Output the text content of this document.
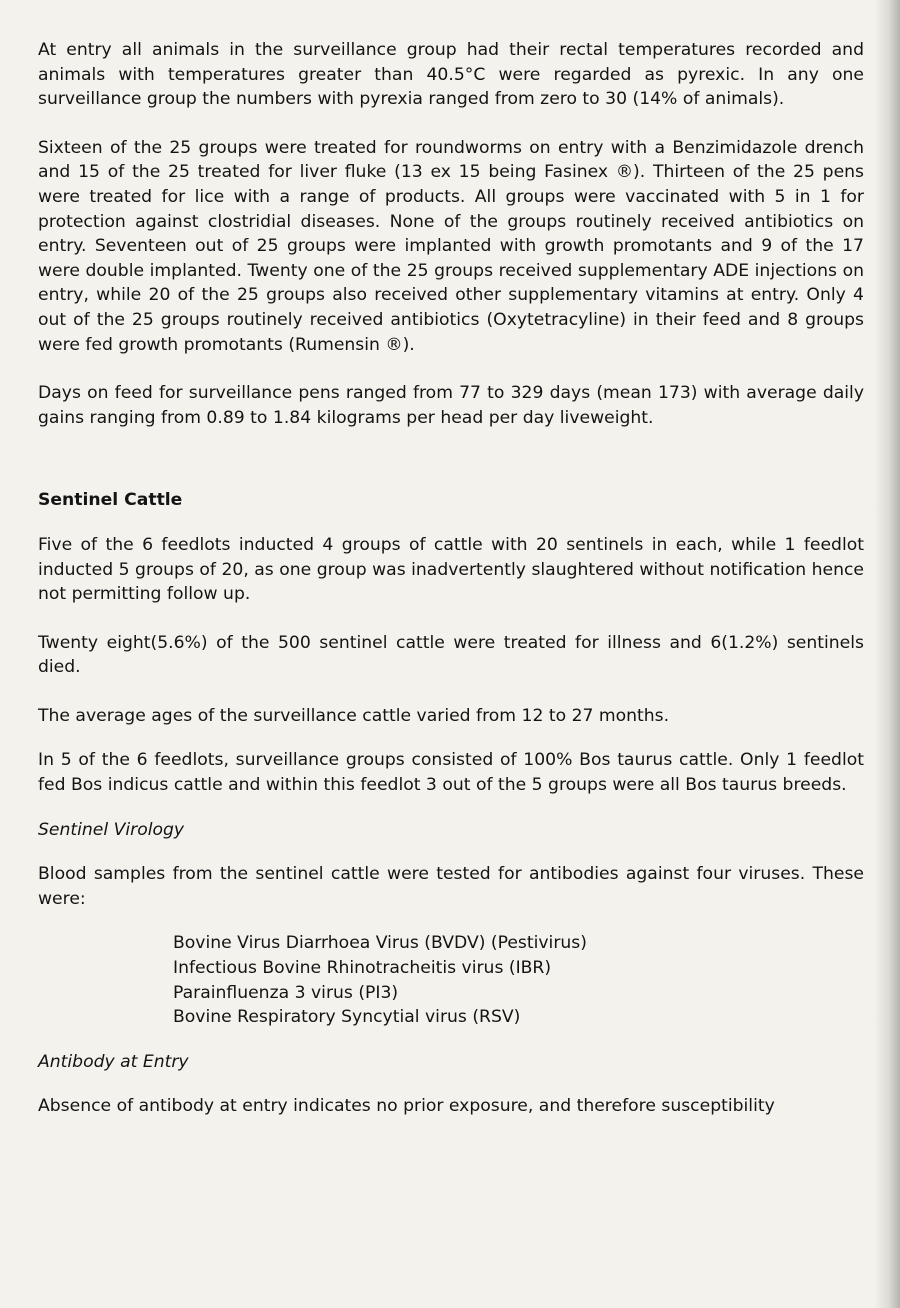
At entry all animals in the surveillance group had their rectal temperatures recorded and animals with temperatures greater than 40.5°C were regarded as pyrexic. In any one surveillance group the numbers with pyrexia ranged from zero to 30 (14% of animals).

Sixteen of the 25 groups were treated for roundworms on entry with a Benzimidazole drench and 15 of the 25 treated for liver fluke (13 ex 15 being Fasinex ®). Thirteen of the 25 pens were treated for lice with a range of products. All groups were vaccinated with 5 in 1 for protection against clostridial diseases. None of the groups routinely received antibiotics on entry. Seventeen out of 25 groups were implanted with growth promotants and 9 of the 17 were double implanted. Twenty one of the 25 groups received supplementary ADE injections on entry, while 20 of the 25 groups also received other supplementary vitamins at entry. Only 4 out of the 25 groups routinely received antibiotics (Oxytetracyline) in their feed and 8 groups were fed growth promotants (Rumensin ®).

Days on feed for surveillance pens ranged from 77 to 329 days (mean 173) with average daily gains ranging from 0.89 to 1.84 kilograms per head per day liveweight.

Sentinel Cattle

Five of the 6 feedlots inducted 4 groups of cattle with 20 sentinels in each, while 1 feedlot inducted 5 groups of 20, as one group was inadvertently slaughtered without notification hence not permitting follow up.

Twenty eight(5.6%) of the 500 sentinel cattle were treated for illness and 6(1.2%) sentinels died.

The average ages of the surveillance cattle varied from 12 to 27 months.

In 5 of the 6 feedlots, surveillance groups consisted of 100% Bos taurus cattle. Only 1 feedlot fed Bos indicus cattle and within this feedlot 3 out of the 5 groups were all Bos taurus breeds.

Sentinel Virology

Blood samples from the sentinel cattle were tested for antibodies against four viruses. These were:

Bovine Virus Diarrhoea Virus (BVDV) (Pestivirus)
Infectious Bovine Rhinotracheitis virus (IBR)
Parainfluenza 3 virus (PI3)
Bovine Respiratory Syncytial virus (RSV)

Antibody at Entry

Absence of antibody at entry indicates no prior exposure, and therefore susceptibility
